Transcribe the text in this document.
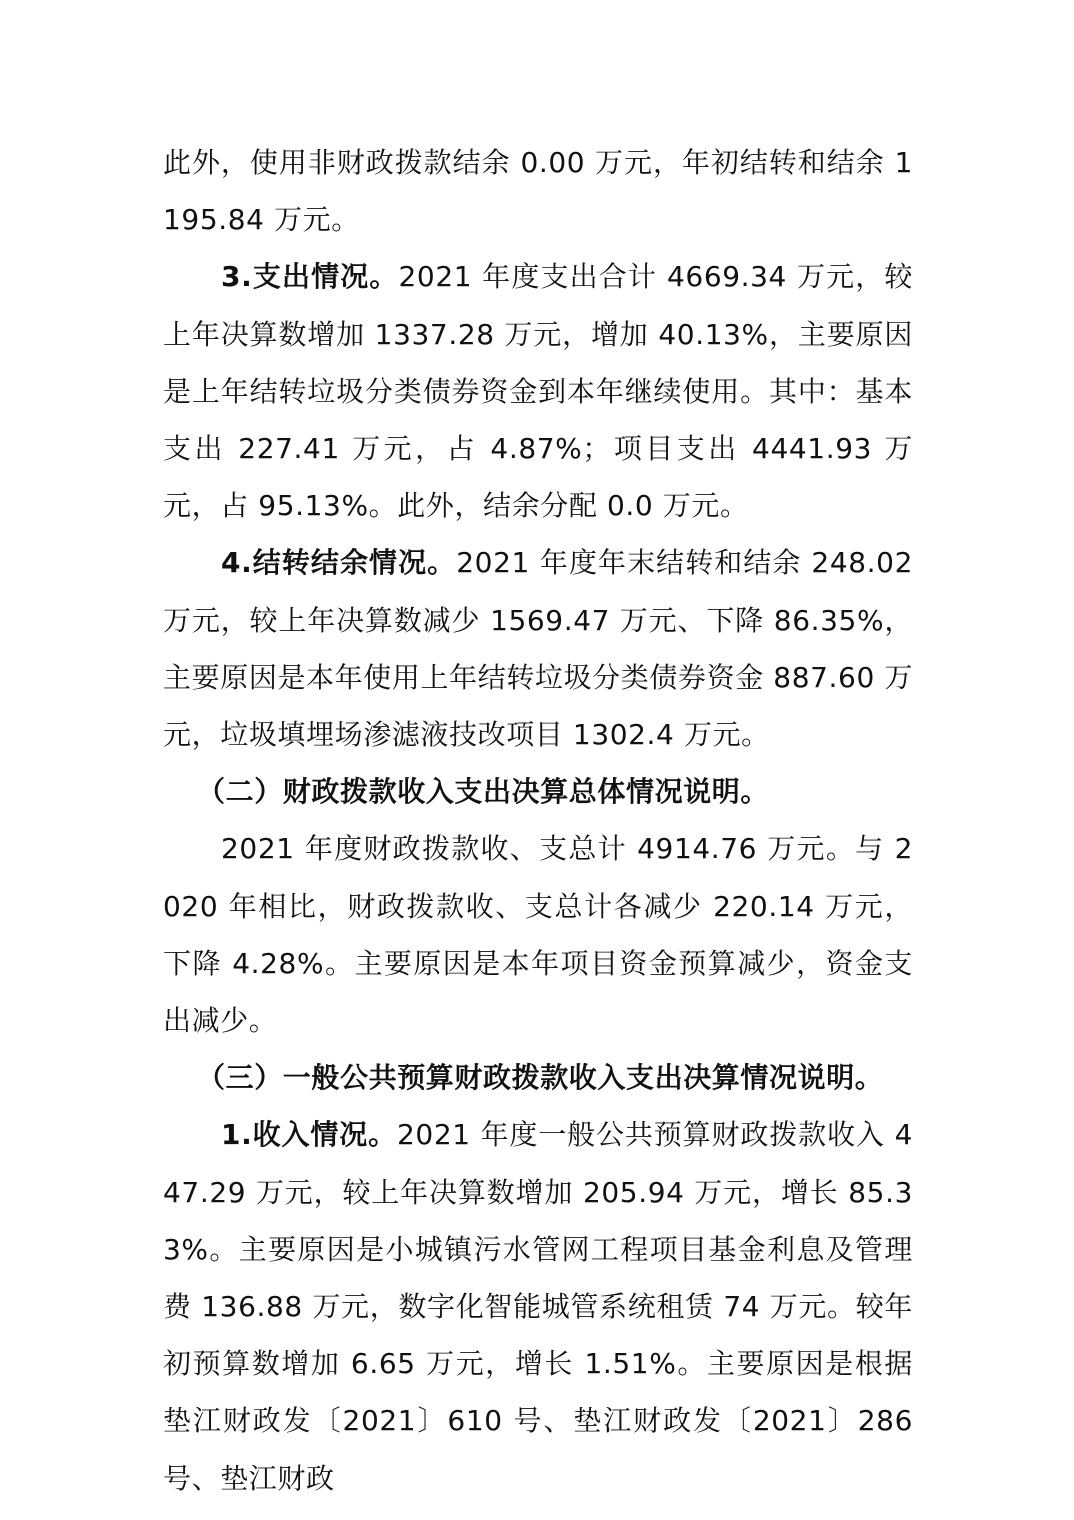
此外，使用非财政拨款结余 0.00 万元，年初结转和结余 1195.84 万元。

3.支出情况。2021 年度支出合计 4669.34 万元，较上年决算数增加 1337.28 万元，增加 40.13%，主要原因是上年结转垃圾分类债券资金到本年继续使用。其中：基本支出 227.41 万元，占 4.87%；项目支出 4441.93 万元，占 95.13%。此外，结余分配 0.0 万元。

4.结转结余情况。2021 年度年末结转和结余 248.02 万元，较上年决算数减少 1569.47 万元、下降 86.35%，主要原因是本年使用上年结转垃圾分类债券资金 887.60 万元，垃圾填埋场渗滤液技改项目 1302.4 万元。

（二）财政拨款收入支出决算总体情况说明。

2021 年度财政拨款收、支总计 4914.76 万元。与 2020 年相比，财政拨款收、支总计各减少 220.14 万元，下降 4.28%。主要原因是本年项目资金预算减少，资金支出减少。

（三）一般公共预算财政拨款收入支出决算情况说明。

1.收入情况。2021 年度一般公共预算财政拨款收入 447.29 万元，较上年决算数增加 205.94 万元，增长 85.33%。主要原因是小城镇污水管网工程项目基金利息及管理费 136.88 万元，数字化智能城管系统租赁 74 万元。较年初预算数增加 6.65 万元，增长 1.51%。主要原因是根据垫江财政发〔2021〕610 号、垫江财政发〔2021〕286 号、垫江财政
